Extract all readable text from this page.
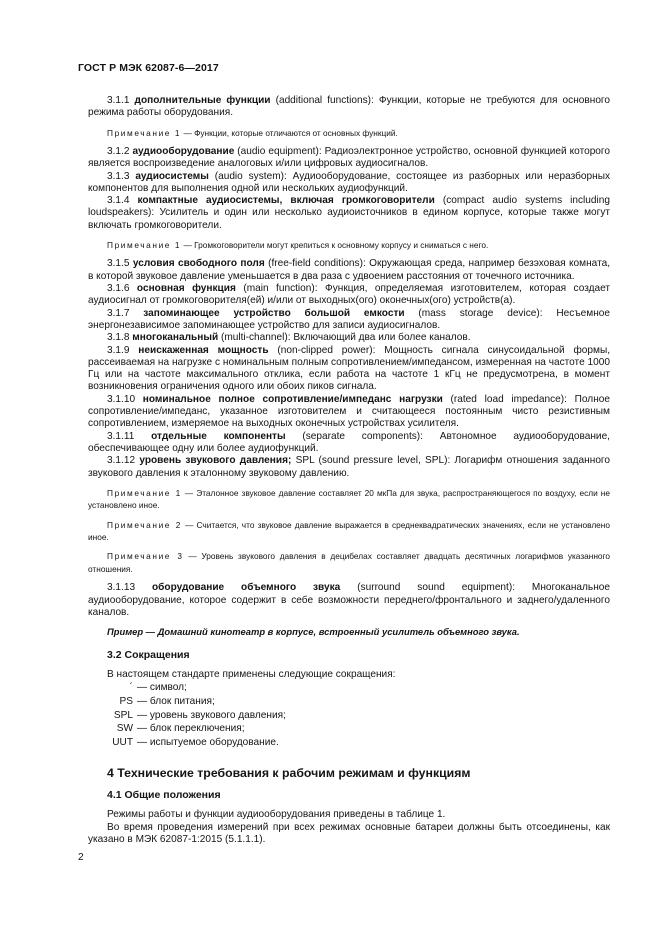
ГОСТ Р МЭК 62087-6—2017

3.1.1 дополнительные функции (additional functions): Функции, которые не требуются для основного режима работы оборудования.

Примечание 1 — Функции, которые отличаются от основных функций.

3.1.2 аудиооборудование (audio equipment): Радиоэлектронное устройство, основной функцией которого является воспроизведение аналоговых и/или цифровых аудиосигналов.

3.1.3 аудиосистемы (audio system): Аудиооборудование, состоящее из разборных или неразборных компонентов для выполнения одной или нескольких аудиофункций.

3.1.4 компактные аудиосистемы, включая громкоговорители (compact audio systems including loudspeakers): Усилитель и один или несколько аудиоисточников в едином корпусе, которые также могут включать громкоговорители.

Примечание 1 — Громкоговорители могут крепиться к основному корпусу и сниматься с него.

3.1.5 условия свободного поля (free-field conditions): Окружающая среда, например безэховая комната, в которой звуковое давление уменьшается в два раза с удвоением расстояния от точечного источника.

3.1.6 основная функция (main function): Функция, определяемая изготовителем, которая создает аудиосигнал от громкоговорителя(ей) и/или от выходных(ого) оконечных(ого) устройств(а).

3.1.7 запоминающее устройство большой емкости (mass storage device): Несъемное энергонезависимое запоминающее устройство для записи аудиосигналов.

3.1.8 многоканальный (multi-channel): Включающий два или более каналов.

3.1.9 неискаженная мощность (non-clipped power): Мощность сигнала синусоидальной формы, рассеиваемая на нагрузке с номинальным полным сопротивлением/импедансом, измеренная на частоте 1000 Гц или на частоте максимального отклика, если работа на частоте 1 кГц не предусмотрена, в момент возникновения ограничения одного или обоих пиков сигнала.

3.1.10 номинальное полное сопротивление/импеданс нагрузки (rated load impedance): Полное сопротивление/импеданс, указанное изготовителем и считающееся постоянным чисто резистивным сопротивлением, измеряемое на выходных оконечных устройствах усилителя.

3.1.11 отдельные компоненты (separate components): Автономное аудиооборудование, обеспечивающее одну или более аудиофункций.

3.1.12 уровень звукового давления; SPL (sound pressure level, SPL): Логарифм отношения заданного звукового давления к эталонному звуковому давлению.

Примечание 1 — Эталонное звуковое давление составляет 20 мкПа для звука, распространяющегося по воздуху, если не установлено иное.

Примечание 2 — Считается, что звуковое давление выражается в среднеквадратических значениях, если не установлено иное.

Примечание 3 — Уровень звукового давления в децибелах составляет двадцать десятичных логарифмов указанного отношения.

3.1.13 оборудование объемного звука (surround sound equipment): Многоканальное аудиооборудование, которое содержит в себе возможности переднего/фронтального и заднего/удаленного каналов.

Пример — Домашний кинотеатр в корпусе, встроенный усилитель объемного звука.

3.2 Сокращения

В настоящем стандарте применены следующие сокращения:

´ — символ;
PS — блок питания;
SPL — уровень звукового давления;
SW — блок переключения;
UUT — испытуемое оборудование.

4 Технические требования к рабочим режимам и функциям

4.1 Общие положения

Режимы работы и функции аудиооборудования приведены в таблице 1.

Во время проведения измерений при всех режимах основные батареи должны быть отсоединены, как указано в МЭК 62087-1:2015 (5.1.1.1).

2
